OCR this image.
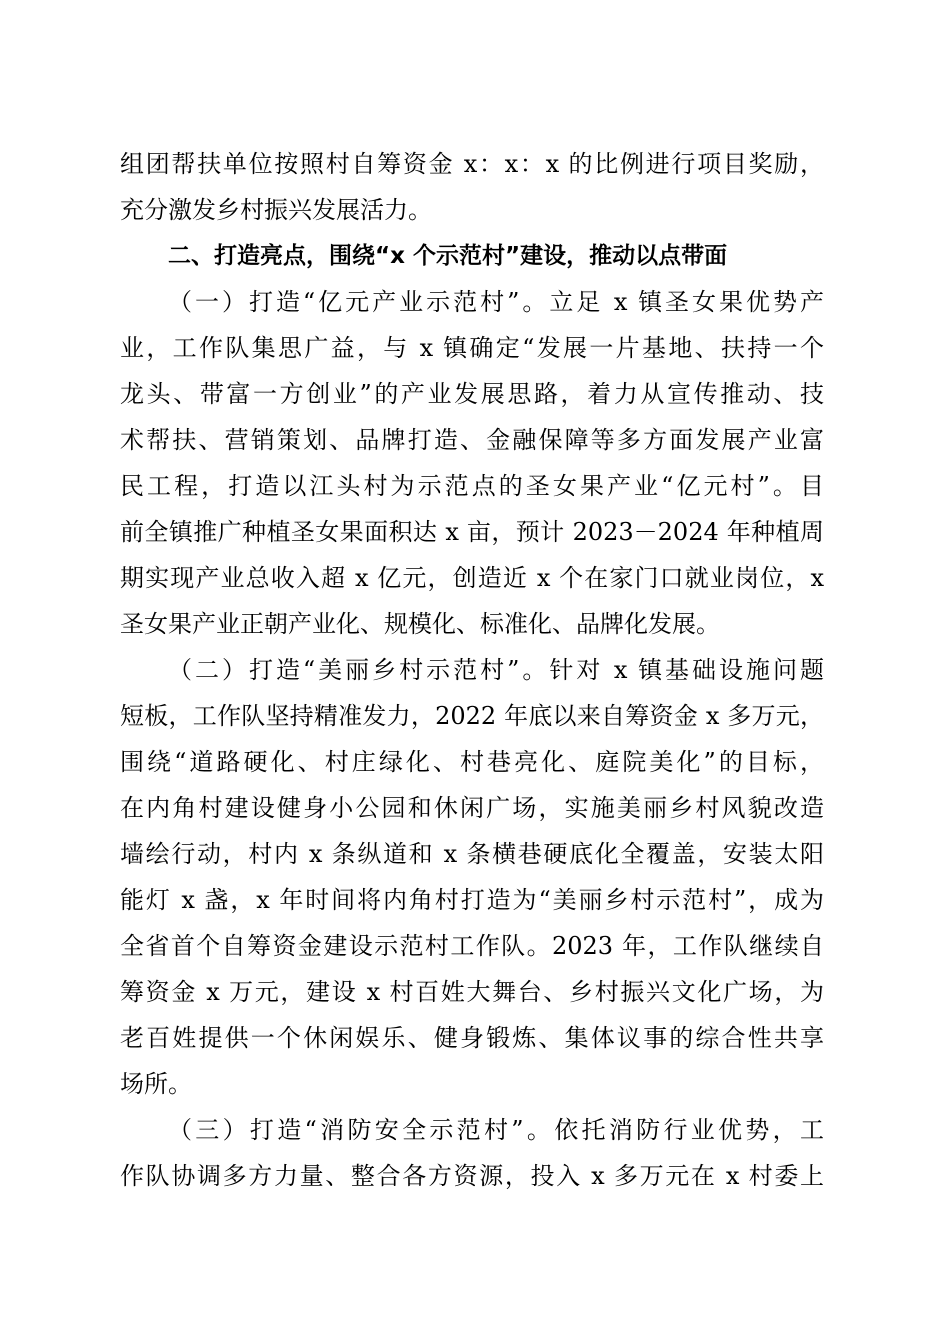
组团帮扶单位按照村自筹资金 x：x：x 的比例进行项目奖励，
充分激发乡村振兴发展活力。
二、打造亮点，围绕“x 个示范村”建设，推动以点带面
（一）打造“亿元产业示范村”。立足 x 镇圣女果优势产
业，工作队集思广益，与 x 镇确定“发展一片基地、扶持一个
龙头、带富一方创业”的产业发展思路，着力从宣传推动、技
术帮扶、营销策划、品牌打造、金融保障等多方面发展产业富
民工程，打造以江头村为示范点的圣女果产业“亿元村”。目
前全镇推广种植圣女果面积达 x 亩，预计 2023－2024 年种植周
期实现产业总收入超 x 亿元，创造近 x 个在家门口就业岗位，x
圣女果产业正朝产业化、规模化、标准化、品牌化发展。
（二）打造“美丽乡村示范村”。针对 x 镇基础设施问题
短板，工作队坚持精准发力，2022 年底以来自筹资金 x 多万元，
围绕“道路硬化、村庄绿化、村巷亮化、庭院美化”的目标，
在内角村建设健身小公园和休闲广场，实施美丽乡村风貌改造
墙绘行动，村内 x 条纵道和 x 条横巷硬底化全覆盖，安装太阳
能灯 x 盏，x 年时间将内角村打造为“美丽乡村示范村”，成为
全省首个自筹资金建设示范村工作队。2023 年，工作队继续自
筹资金 x 万元，建设 x 村百姓大舞台、乡村振兴文化广场，为
老百姓提供一个休闲娱乐、健身锻炼、集体议事的综合性共享
场所。
（三）打造“消防安全示范村”。依托消防行业优势，工
作队协调多方力量、整合各方资源，投入 x 多万元在 x 村委上
